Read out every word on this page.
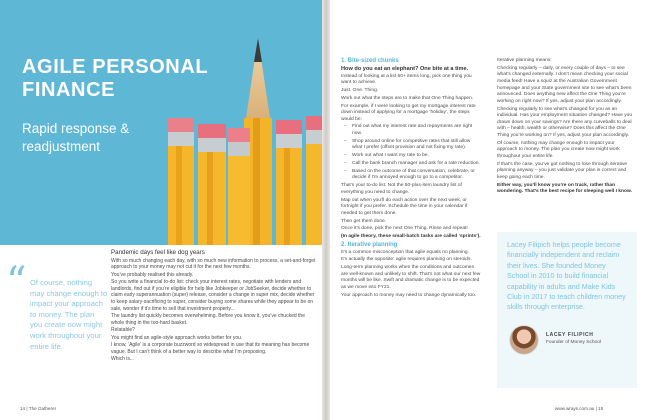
AGILE PERSONAL FINANCE
Rapid response & readjustment
“ Of course, nothing may change enough to impact your approach to money. The plan you create now might work throughout your entire life.

Pandemic days feel like dog years

With so much changing each day, with so much new information to process, a set-and-forget approach to your money may not cut it for the next few months.

You’ve probably realised this already.

So you write a financial to-do list: check your interest rates, negotiate with lenders and landlords, find out if you’re eligible for help like Jobkeeper or JobSeeker, decide whether to claim early superannuation (super) release, consider a change in super mix, decide whether to keep salary-sacrificing to super, consider buying some shares while they appear to be on sale, wonder if it’s time to sell that investment property...

The laundry list quickly becomes overwhelming. Before you know it, you’ve chucked the whole thing in the too-hard basket.

Relatable?

You might find an agile-style approach works better for you.

I know, ‘Agile’ is a corporate buzzword so widespread in use that its meaning has become vague. But I can’t think of a better way to describe what I’m proposing.

Which is...

14 | The Gatherer

1. Bite-sized chunks

How do you eat an elephant? One bite at a time.

Instead of looking at a list 50+ items long, pick one thing you want to achieve.

Just. One. Thing.

Work out what the steps are to make that One Thing happen.

For example, if I were looking to get my mortgage interest rate down instead of applying for a mortgage ‘holiday’, the steps would be:

– Find out what my interest rate and repayments are right now.
– Shop around online for competitive rates that still allow what I prefer (offset provision and not fixing my rate).
– Work out what I want my rate to be.
– Call the bank branch manager and ask for a rate reduction.
– Based on the outcome of that conversation, celebrate, or decide if I’m annoyed enough to go to a competitor.

That’s your to-do list. Not the 50-plus-item laundry list of everything you need to change.

Map out when you’ll do each action over the next week, or fortnight if you prefer. Schedule the time in your calendar if needed to get them done.

Then get them done.

Once it’s done, pick the next One Thing. Rinse and repeat!

(In agile theory, these small-batch tasks are called ‘sprints’).

2. Iterative planning

It’s a common misconception that agile equals no planning.

It’s actually the opposite: agile requires planning on steroids.

Long-term planning works when the conditions and outcomes are well-known and unlikely to shift. That’s not what our next few months will be like. Swift and dramatic change is to be expected as we move into FY21.

Your approach to money may need to change dynamically too.

Iterative planning means:

Checking regularly – daily, or every couple of days – to see what’s changed externally. I don’t mean checking your social media feed! Have a squiz at the Australian Government homepage and your State government site to see what’s been announced. Does anything new affect the One Thing you’re working on right now? If yes, adjust your plan accordingly.

Checking regularly to see what’s changed for you as an individual. Has your employment situation changed? Have you drawn down on your savings? Are there any curveballs to deal with – health, wealth or otherwise? Does this affect the One Thing you’re working on? If yes, adjust your plan accordingly.

Of course, nothing may change enough to impact your approach to money. The plan you create now might work throughout your entire life.

If that’s the case, you’ve got nothing to lose through iterative planning anyway – you just validate your plan is correct and keep going each time.

Either way, you’ll know you’re on track, rather than wondering. That’s the best recipe for sleeping well I know.

Lacey Filipich helps people become financially independent and reclaim their lives. She founded Money School in 2010 to build financial capability in adults and Make Kids Club in 2017 to teach children money skills through enterprise.
LACEY FILIPICH
Founder of Money School
www.wrays.com.au | 15
